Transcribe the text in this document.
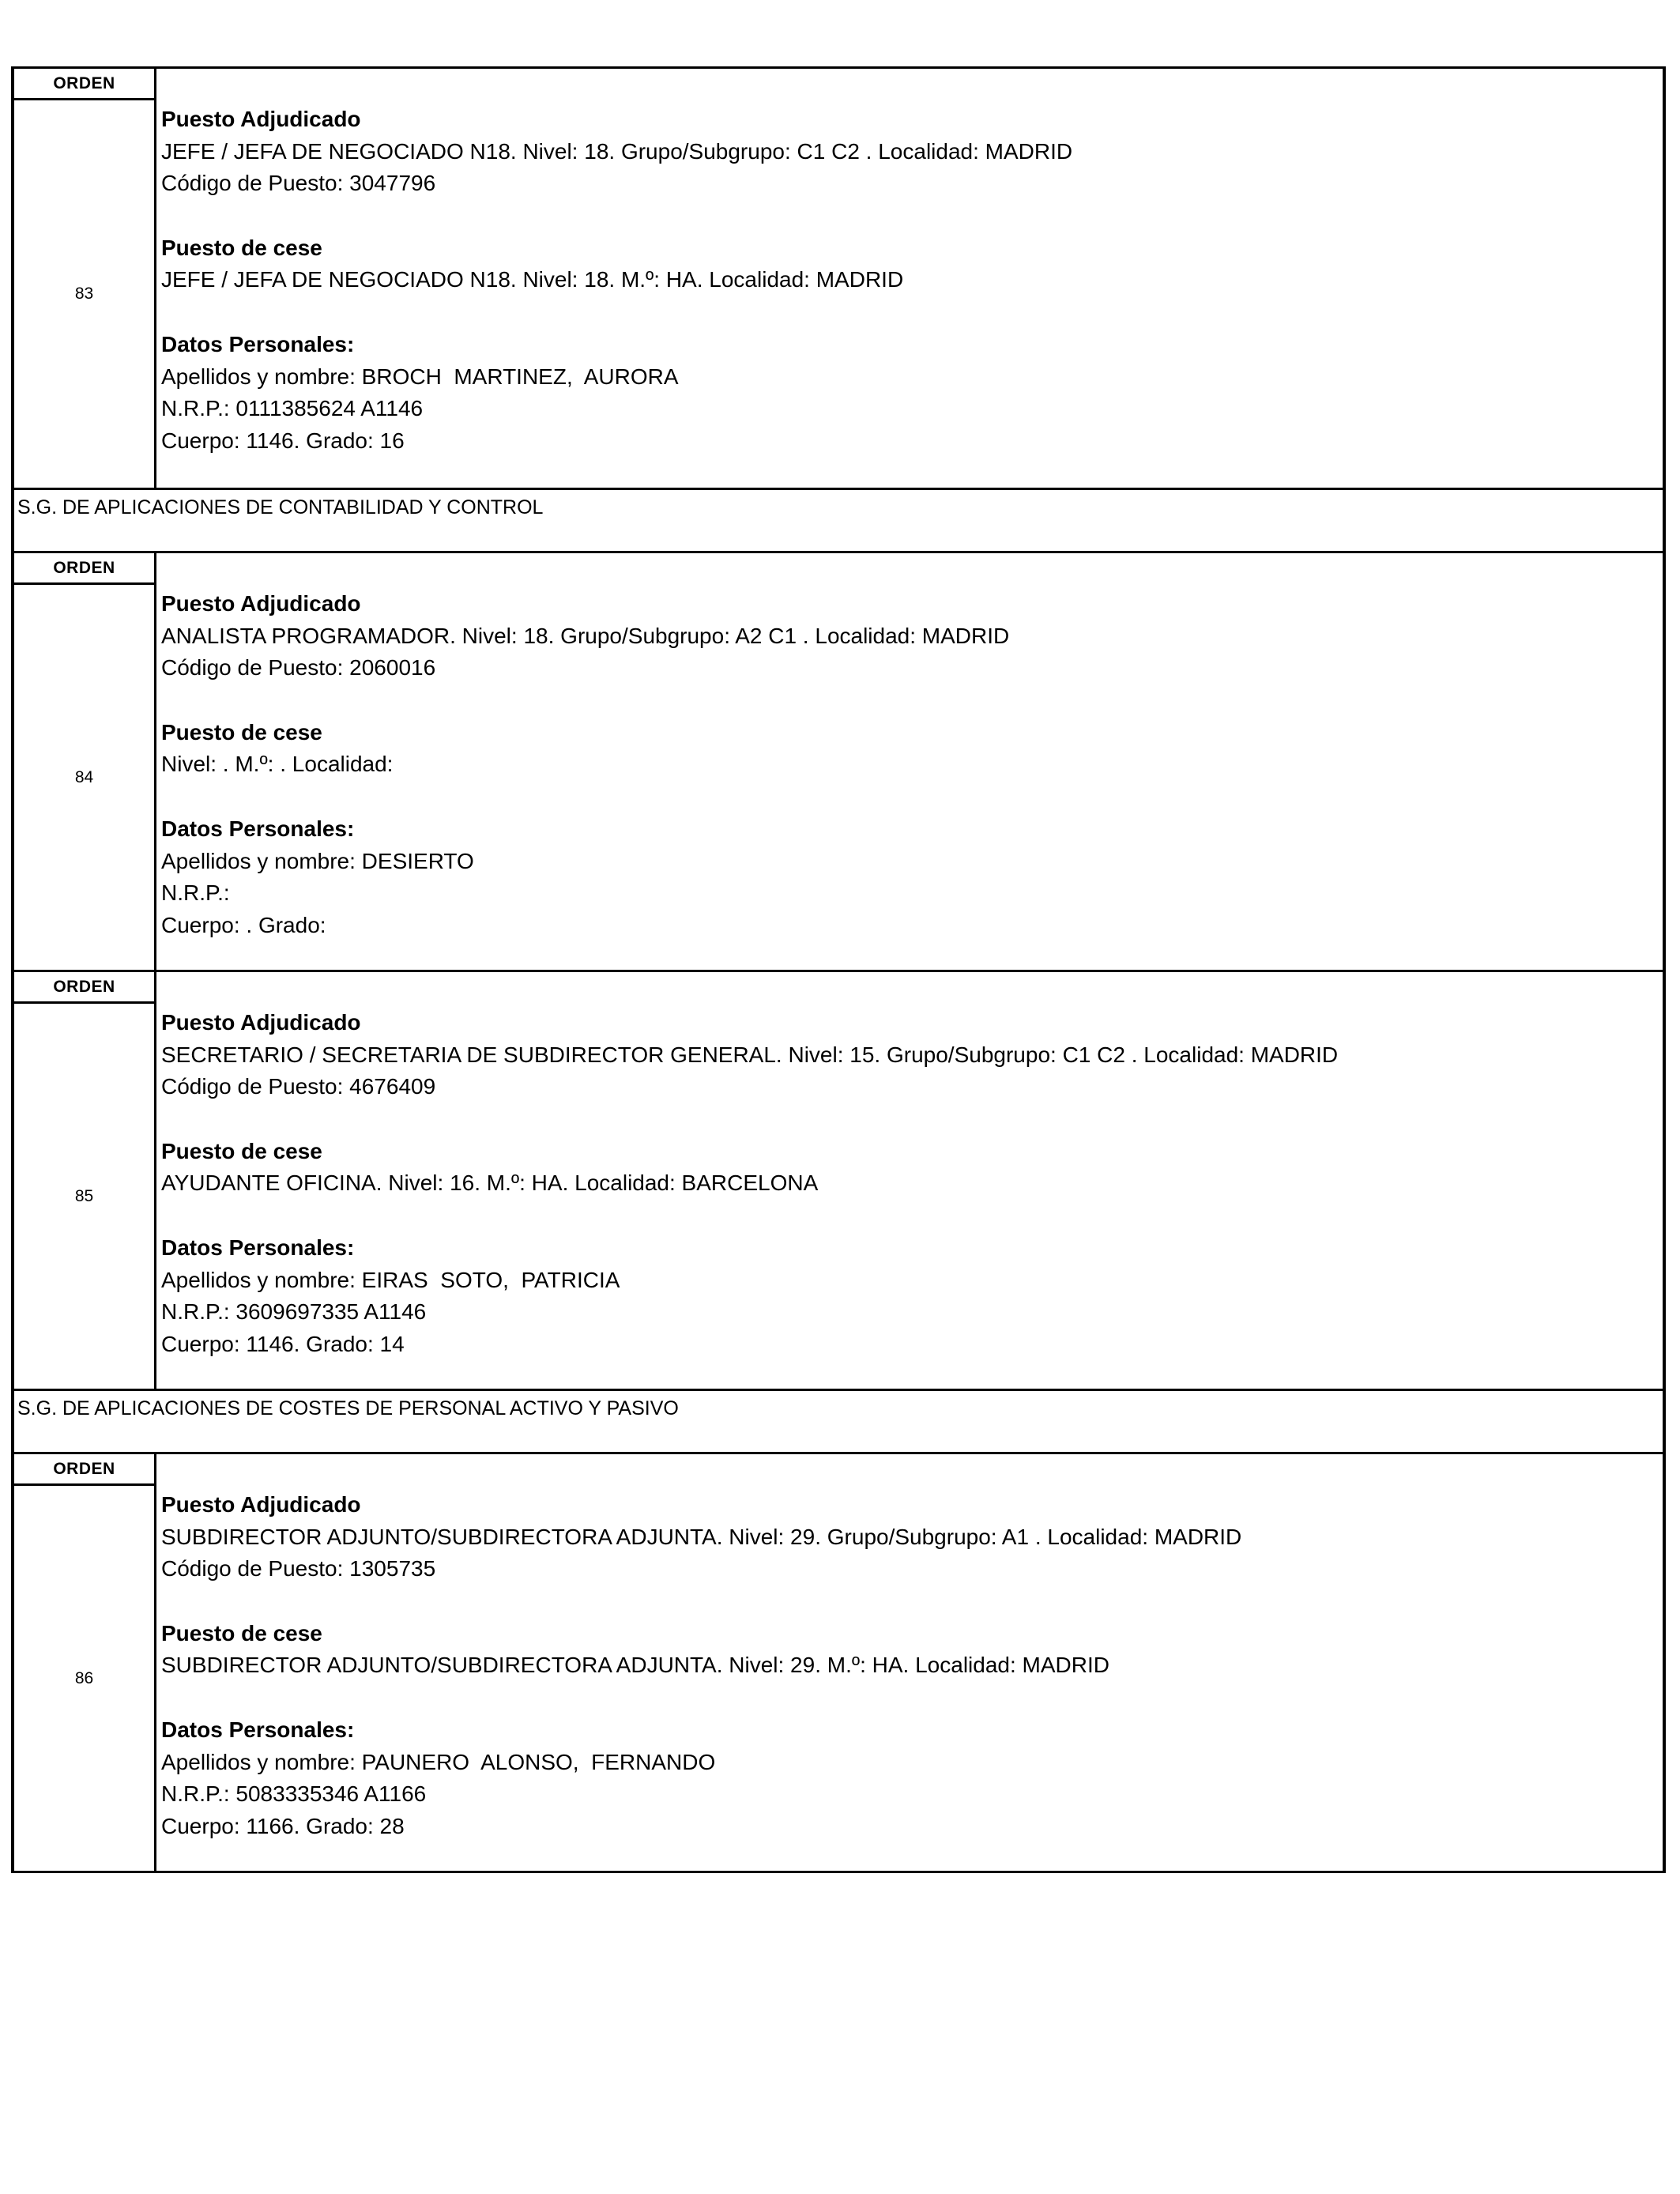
ORDEN
83
Puesto Adjudicado
JEFE / JEFA DE NEGOCIADO N18. Nivel: 18. Grupo/Subgrupo: C1 C2 . Localidad: MADRID
Código de Puesto: 3047796
Puesto de cese
JEFE / JEFA DE NEGOCIADO N18. Nivel: 18. M.º: HA. Localidad: MADRID
Datos Personales:
Apellidos y nombre: BROCH  MARTINEZ,  AURORA
N.R.P.: 0111385624 A1146
Cuerpo: 1146. Grado: 16
S.G. DE APLICACIONES DE CONTABILIDAD Y CONTROL
ORDEN
84
Puesto Adjudicado
ANALISTA PROGRAMADOR. Nivel: 18. Grupo/Subgrupo: A2 C1 . Localidad: MADRID
Código de Puesto: 2060016
Puesto de cese
Nivel: . M.º: . Localidad:
Datos Personales:
Apellidos y nombre: DESIERTO
N.R.P.:
Cuerpo: . Grado:
ORDEN
85
Puesto Adjudicado
SECRETARIO / SECRETARIA DE SUBDIRECTOR GENERAL. Nivel: 15. Grupo/Subgrupo: C1 C2 . Localidad: MADRID
Código de Puesto: 4676409
Puesto de cese
AYUDANTE OFICINA. Nivel: 16. M.º: HA. Localidad: BARCELONA
Datos Personales:
Apellidos y nombre: EIRAS  SOTO,  PATRICIA
N.R.P.: 3609697335 A1146
Cuerpo: 1146. Grado: 14
S.G. DE APLICACIONES DE COSTES DE PERSONAL ACTIVO Y PASIVO
ORDEN
86
Puesto Adjudicado
SUBDIRECTOR ADJUNTO/SUBDIRECTORA ADJUNTA. Nivel: 29. Grupo/Subgrupo: A1 . Localidad: MADRID
Código de Puesto: 1305735
Puesto de cese
SUBDIRECTOR ADJUNTO/SUBDIRECTORA ADJUNTA. Nivel: 29. M.º: HA. Localidad: MADRID
Datos Personales:
Apellidos y nombre: PAUNERO  ALONSO,  FERNANDO
N.R.P.: 5083335346 A1166
Cuerpo: 1166. Grado: 28
